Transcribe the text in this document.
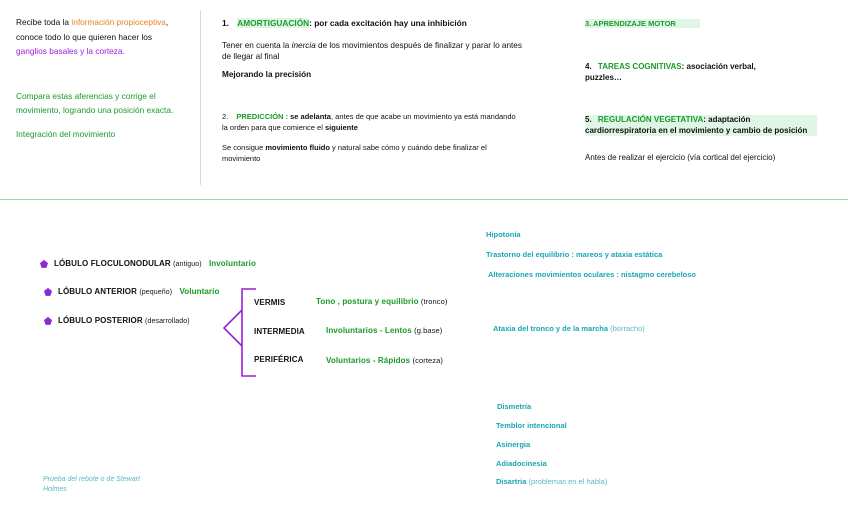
Recibe toda la información propioceptiva, conoce todo lo que quieren hacer los ganglios basales y la corteza.
Compara estas aferencias y corrige el movimiento, logrando una posición exacta.
Integración del movimiento
1. AMORTIGUACIÓN: por cada excitación hay una inhibición
Tener en cuenta la inercia de los movimientos después de finalizar y parar lo antes de llegar al final
Mejorando la precisión
2. PREDICCIÓN : se adelanta, antes de que acabe un movimiento ya está mandando la orden para que comience el siguiente
Se consigue movimiento fluido y natural sabe cómo y cuándo debe finalizar el movimiento
3. APRENDIZAJE MOTOR
4. TAREAS COGNITIVAS: asociación verbal, puzzles…
5. REGULACIÓN VEGETATIVA: adaptación cardiorrespiratoria en el movimiento y cambio de posición
Antes de realizar el ejercicio (vía cortical del ejercicio)
LÓBULO FLOCULONODULAR (antiguo) Involuntario
LÓBULO ANTERIOR (pequeño) Voluntario
LÓBULO POSTERIOR (desarrollado)
VERMIS	Tono , postura y equilibrio (tronco)
INTERMEDIA	Involuntarios - Lentos (g.base)
PERIFÉRICA	Voluntarios - Rápidos (corteza)
Hipotonía
Trastorno del equilibrio : mareos y ataxia estática
Alteraciones movimientos oculares : nistagmo cerebeloso
Ataxia del tronco y de la marcha (borracho)
Dismetría
Temblor intencional
Asinergia
Adiadocinesia
Disartria (problemas en el habla)
Prueba del rebote o de Stewart Holmes
